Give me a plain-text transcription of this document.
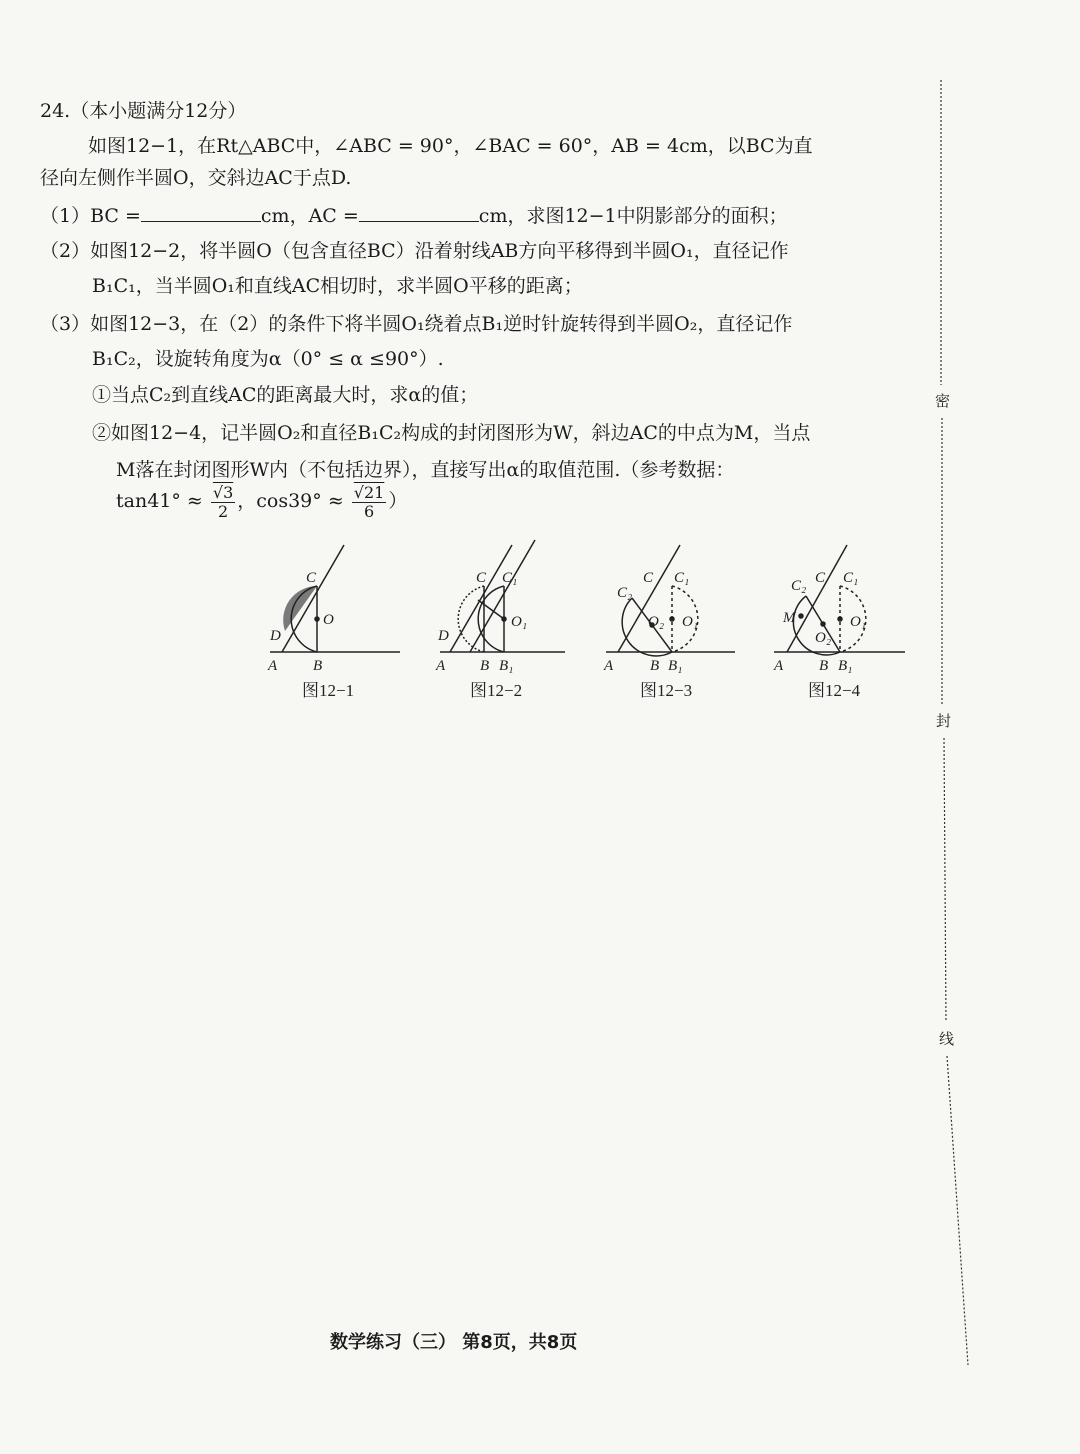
24.（本小题满分12分）
如图12−1，在Rt△ABC中，∠ABC = 90°，∠BAC = 60°，AB = 4cm，以BC为直
径向左侧作半圆O，交斜边AC于点D.
（1）BC =	cm，AC =	cm，求图12−1中阴影部分的面积；
（2）如图12−2，将半圆O（包含直径BC）沿着射线AB方向平移得到半圆O₁，直径记作
B₁C₁，当半圆O₁和直线AC相切时，求半圆O平移的距离；
（3）如图12−3，在（2）的条件下将半圆O₁绕着点B₁逆时针旋转得到半圆O₂，直径记作
B₁C₂，设旋转角度为α（0° ≤ α ≤90°）.
①当点C₂到直线AC的距离最大时，求α的值；
②如图12−4，记半圆O₂和直径B₁C₂构成的封闭图形为W，斜边AC的中点为M，当点
M落在封闭图形W内（不包括边界），直接写出α的取值范围.（参考数据：
$\tan 41^\circ \approx \frac{√3}{2}$ ，$\cos 39^\circ \approx \frac{√21}{6}$ ）
C
O
D
A B
图12−1
C C₁
O₁
D
A B B₁
图12−2
C₂
C C₁
O₂ O₁
A B B₁
图12−3
C₂ C C₁
M
O₂
O₁
A B B₁
图12−4
密
封
线
数学练习（三） 第8页，共8页
